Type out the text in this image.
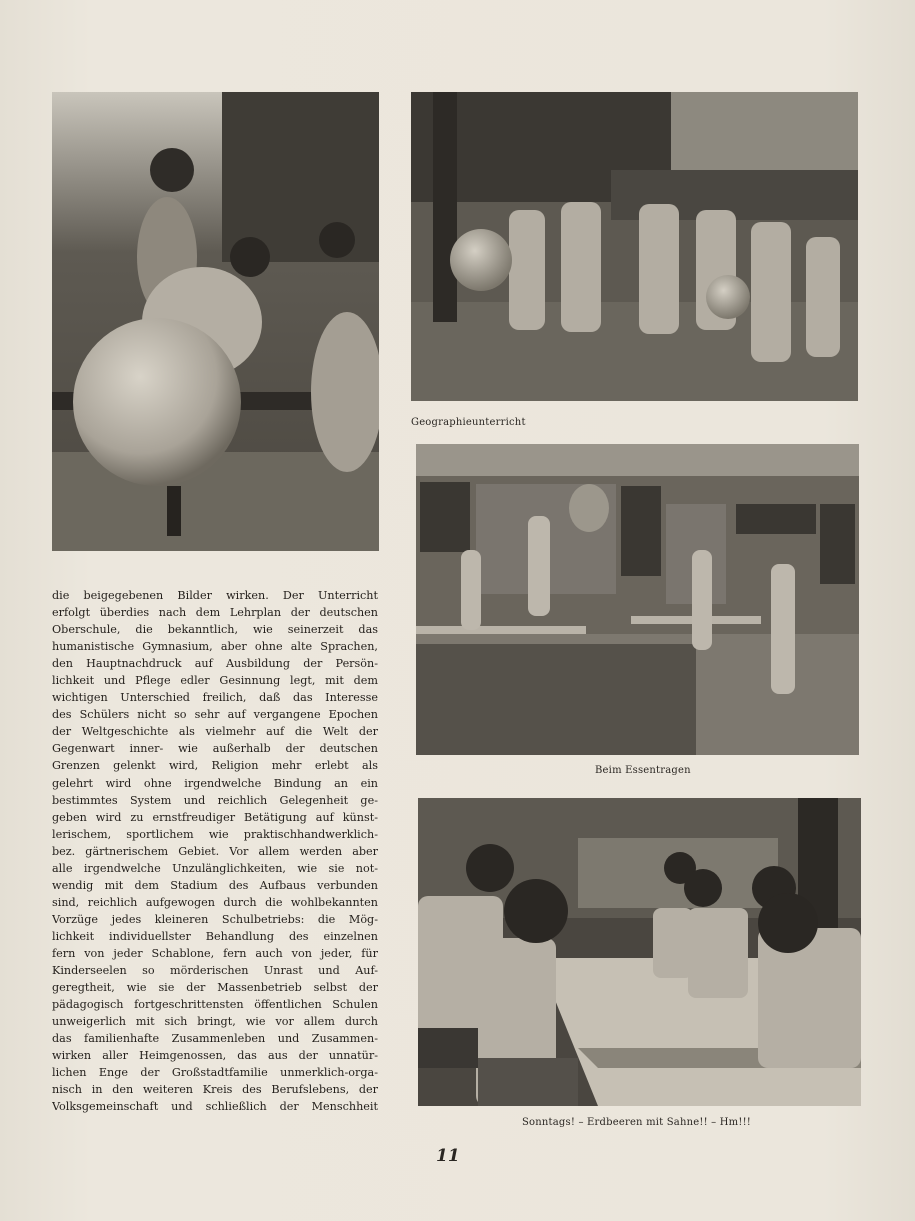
Geographieunterricht
Beim Essentragen
Sonntags! – Erdbeeren mit Sahne!! – Hm!!!
die beigegebenen Bilder wirken. Der Unterricht
erfolgt überdies nach dem Lehrplan der deutschen
Oberschule, die bekanntlich, wie seinerzeit das
humanistische Gymnasium, aber ohne alte Sprachen,
den Hauptnachdruck auf Ausbildung der Persön-
lichkeit und Pflege edler Gesinnung legt, mit dem
wichtigen Unterschied freilich, daß das Interesse
des Schülers nicht so sehr auf vergangene Epochen
der Weltgeschichte als vielmehr auf die Welt der
Gegenwart inner- wie außerhalb der deutschen
Grenzen gelenkt wird, Religion mehr erlebt als
gelehrt wird ohne irgendwelche Bindung an ein
bestimmtes System und reichlich Gelegenheit ge-
geben wird zu ernstfreudiger Betätigung auf künst-
lerischem, sportlichem wie praktischhandwerklich-
bez. gärtnerischem Gebiet. Vor allem werden aber
alle irgendwelche Unzulänglichkeiten, wie sie not-
wendig mit dem Stadium des Aufbaus verbunden
sind, reichlich aufgewogen durch die wohlbekannten
Vorzüge jedes kleineren Schulbetriebs: die Mög-
lichkeit individuellster Behandlung des einzelnen
fern von jeder Schablone, fern auch von jeder, für
Kinderseelen so mörderischen Unrast und Auf-
geregtheit, wie sie der Massenbetrieb selbst der
pädagogisch fortgeschrittensten öffentlichen Schulen
unweigerlich mit sich bringt, wie vor allem durch
das familienhafte Zusammenleben und Zusammen-
wirken aller Heimgenossen, das aus der unnatür-
lichen Enge der Großstadtfamilie unmerklich-orga-
nisch in den weiteren Kreis des Berufslebens, der
Volksgemeinschaft und schließlich der Menschheit
11
